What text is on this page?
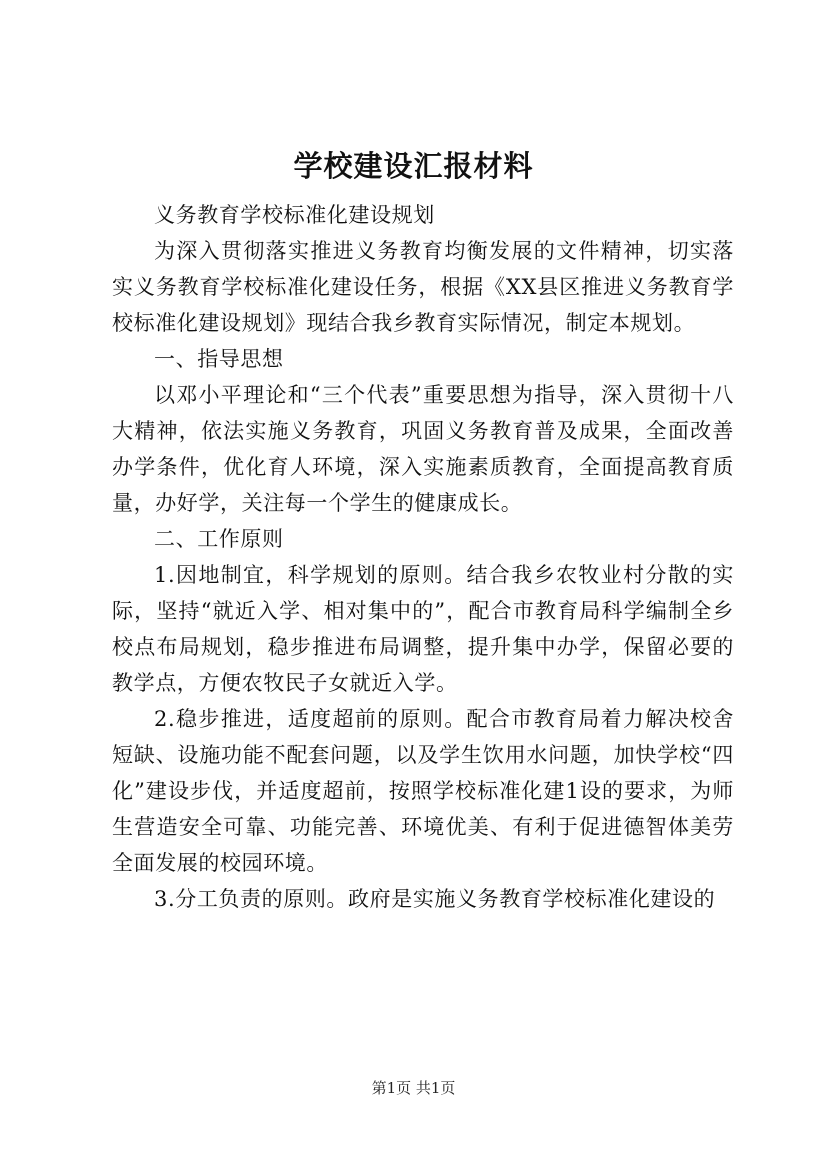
学校建设汇报材料

义务教育学校标准化建设规划

为深入贯彻落实推进义务教育均衡发展的文件精神，切实落实义务教育学校标准化建设任务，根据《XX县区推进义务教育学校标准化建设规划》现结合我乡教育实际情况，制定本规划。

一、指导思想

以邓小平理论和“三个代表”重要思想为指导，深入贯彻十八大精神，依法实施义务教育，巩固义务教育普及成果，全面改善办学条件，优化育人环境，深入实施素质教育，全面提高教育质量，办好学，关注每一个学生的健康成长。

二、工作原则

1.因地制宜，科学规划的原则。结合我乡农牧业村分散的实际，坚持“就近入学、相对集中的”，配合市教育局科学编制全乡校点布局规划，稳步推进布局调整，提升集中办学，保留必要的教学点，方便农牧民子女就近入学。

2.稳步推进，适度超前的原则。配合市教育局着力解决校舍短缺、设施功能不配套问题，以及学生饮用水问题，加快学校“四化”建设步伐，并适度超前，按照学校标准化建1设的要求，为师生营造安全可靠、功能完善、环境优美、有利于促进德智体美劳全面发展的校园环境。

3.分工负责的原则。政府是实施义务教育学校标准化建设的

第1页 共1页
